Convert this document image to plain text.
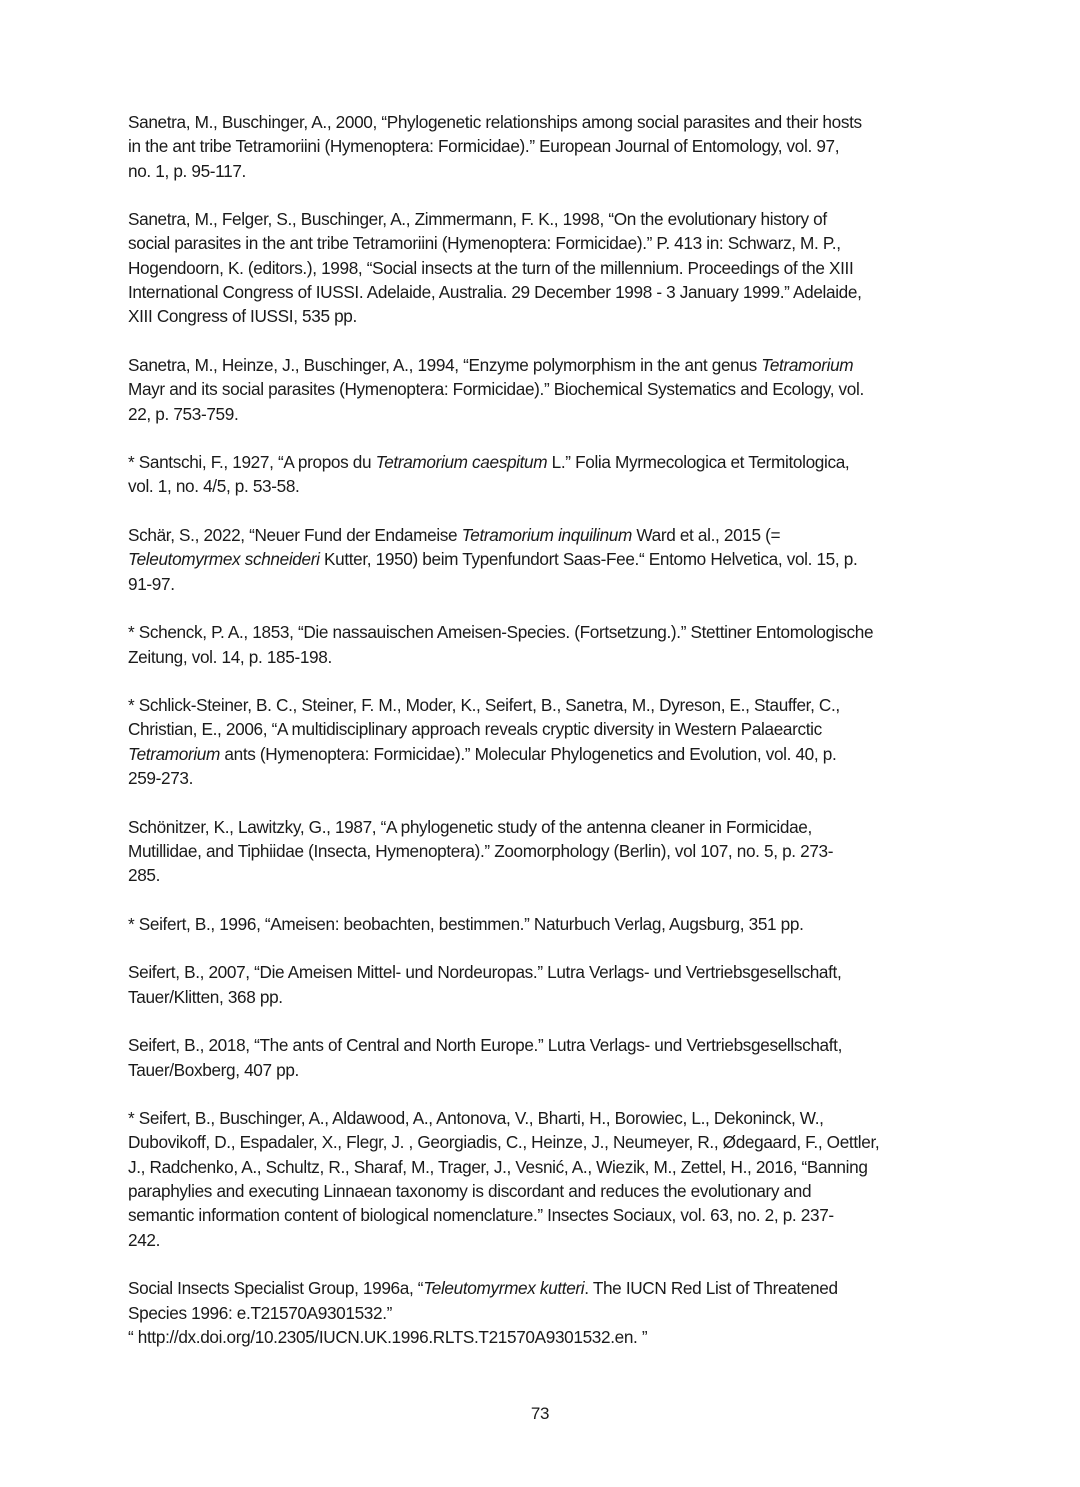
Sanetra, M., Buschinger, A., 2000, “Phylogenetic relationships among social parasites and their hosts
in the ant tribe Tetramoriini (Hymenoptera: Formicidae).” European Journal of Entomology, vol. 97,
no. 1, p. 95-117.
Sanetra, M., Felger, S., Buschinger, A., Zimmermann, F. K., 1998, “On the evolutionary history of
social parasites in the ant tribe Tetramoriini (Hymenoptera: Formicidae).” P. 413 in: Schwarz, M. P.,
Hogendoorn, K. (editors.), 1998, “Social insects at the turn of the millennium. Proceedings of the XIII
International Congress of IUSSI. Adelaide, Australia. 29 December 1998 - 3 January 1999.” Adelaide,
XIII Congress of IUSSI, 535 pp.
Sanetra, M., Heinze, J., Buschinger, A., 1994, “Enzyme polymorphism in the ant genus Tetramorium
Mayr and its social parasites (Hymenoptera: Formicidae).” Biochemical Systematics and Ecology, vol.
22, p. 753-759.
* Santschi, F., 1927, “A propos du Tetramorium caespitum L.” Folia Myrmecologica et Termitologica,
vol. 1, no. 4/5, p. 53-58.
Schär, S., 2022, “Neuer Fund der Endameise Tetramorium inquilinum Ward et al., 2015 (=
Teleutomyrmex schneideri Kutter, 1950) beim Typenfundort Saas-Fee.“ Entomo Helvetica, vol. 15, p.
91-97.
* Schenck, P. A., 1853, “Die nassauischen Ameisen-Species. (Fortsetzung.).” Stettiner Entomologische
Zeitung, vol. 14, p. 185-198.
* Schlick-Steiner, B. C., Steiner, F. M., Moder, K., Seifert, B., Sanetra, M., Dyreson, E., Stauffer, C.,
Christian, E., 2006, “A multidisciplinary approach reveals cryptic diversity in Western Palaearctic
Tetramorium ants (Hymenoptera: Formicidae).” Molecular Phylogenetics and Evolution, vol. 40, p.
259-273.
Schönitzer, K., Lawitzky, G., 1987, “A phylogenetic study of the antenna cleaner in Formicidae,
Mutillidae, and Tiphiidae (Insecta, Hymenoptera).” Zoomorphology (Berlin), vol 107, no. 5, p. 273-
285.
* Seifert, B., 1996, “Ameisen: beobachten, bestimmen.” Naturbuch Verlag, Augsburg, 351 pp.
Seifert, B., 2007, “Die Ameisen Mittel- und Nordeuropas.” Lutra Verlags- und Vertriebsgesellschaft,
Tauer/Klitten, 368 pp.
Seifert, B., 2018, “The ants of Central and North Europe.” Lutra Verlags- und Vertriebsgesellschaft,
Tauer/Boxberg, 407 pp.
* Seifert, B., Buschinger, A., Aldawood, A., Antonova, V., Bharti, H., Borowiec, L., Dekoninck, W.,
Dubovikoff, D., Espadaler, X., Flegr, J. , Georgiadis, C., Heinze, J., Neumeyer, R., Ødegaard, F., Oettler,
J., Radchenko, A., Schultz, R., Sharaf, M., Trager, J., Vesnić, A., Wiezik, M., Zettel, H., 2016, “Banning
paraphylies and executing Linnaean taxonomy is discordant and reduces the evolutionary and
semantic information content of biological nomenclature.” Insectes Sociaux, vol. 63, no. 2, p. 237-
242.
Social Insects Specialist Group, 1996a, “Teleutomyrmex kutteri. The IUCN Red List of Threatened
Species 1996: e.T21570A9301532.”
“ http://dx.doi.org/10.2305/IUCN.UK.1996.RLTS.T21570A9301532.en. ”
73
